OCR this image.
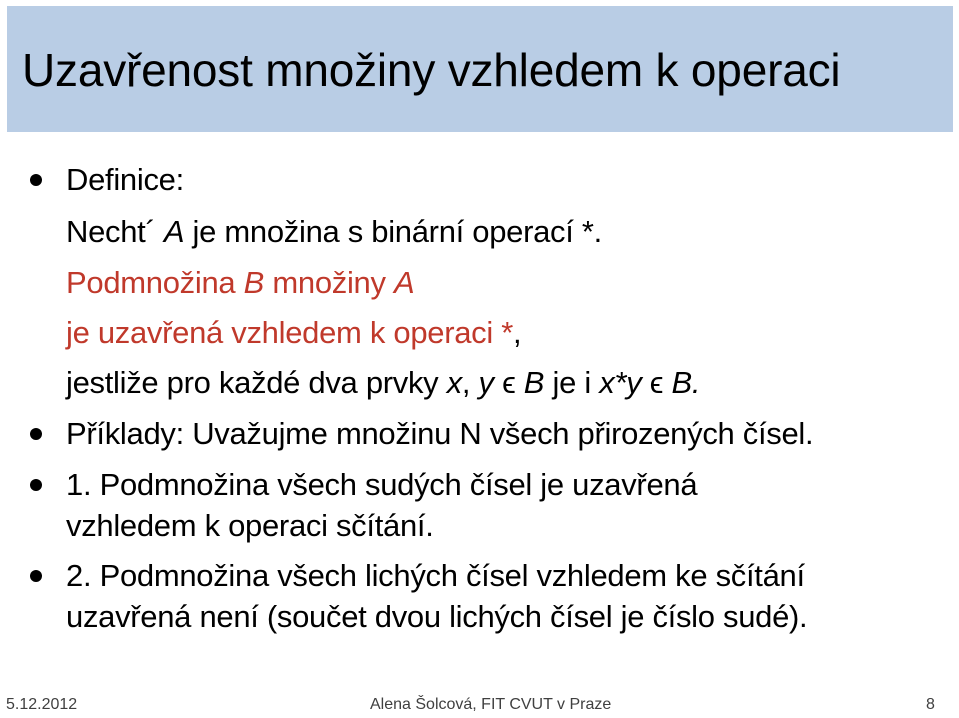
Uzavřenost množiny vzhledem k operaci
Definice:
Necht´ A je množina s binární operací *.
Podmnožina B množiny A
je uzavřená vzhledem k operaci *,
jestliže pro každé dva prvky x, y ϵ B je i x*y ϵ B.
Příklady: Uvažujme množinu N všech přirozených čísel.
1. Podmnožina všech sudých čísel je uzavřená
vzhledem k operaci sčítání.
2. Podmnožina všech lichých čísel vzhledem ke sčítání
uzavřená není (součet dvou lichých čísel je číslo sudé).
5.12.2012	Alena Šolcová, FIT CVUT v Praze	8
